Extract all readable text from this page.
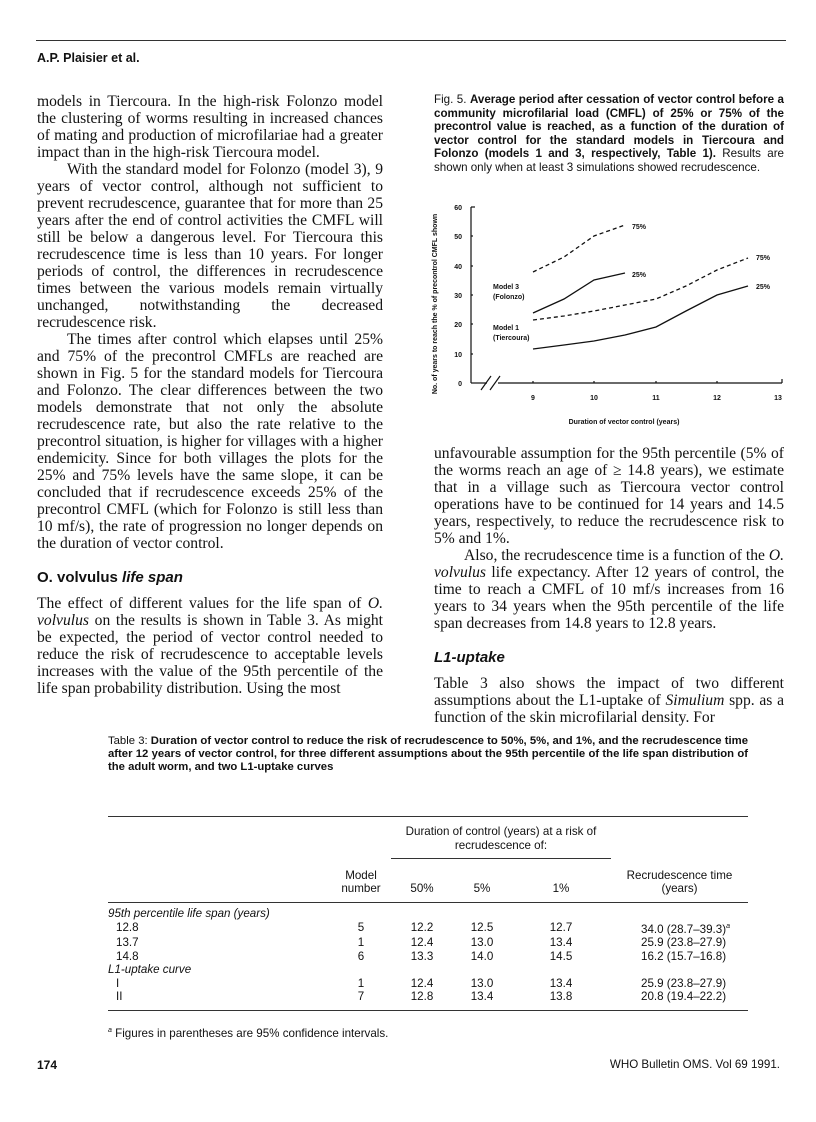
A.P. Plaisier et al.

models in Tiercoura. In the high-risk Folonzo model the clustering of worms resulting in increased chances of mating and production of microfilariae had a greater impact than in the high-risk Tiercoura model.

With the standard model for Folonzo (model 3), 9 years of vector control, although not sufficient to prevent recrudescence, guarantee that for more than 25 years after the end of control activities the CMFL will still be below a dangerous level. For Tiercoura this recrudescence time is less than 10 years. For longer periods of control, the differences in recrudescence times between the various models remain virtually unchanged, notwithstanding the decreased recrudescence risk.

The times after control which elapses until 25% and 75% of the precontrol CMFLs are reached are shown in Fig. 5 for the standard models for Tiercoura and Folonzo. The clear differences between the two models demonstrate that not only the absolute recrudescence rate, but also the rate relative to the precontrol situation, is higher for villages with a higher endemicity. Since for both villages the plots for the 25% and 75% levels have the same slope, it can be concluded that if recrudescence exceeds 25% of the precontrol CMFL (which for Folonzo is still less than 10 mf/s), the rate of progression no longer depends on the duration of vector control.

O. volvulus life span

The effect of different values for the life span of O. volvulus on the results is shown in Table 3. As might be expected, the period of vector control needed to reduce the risk of recrudescence to acceptable levels increases with the value of the 95th percentile of the life span probability distribution. Using the most

Fig. 5. Average period after cessation of vector control before a community microfilarial load (CMFL) of 25% or 75% of the precontrol value is reached, as a function of the duration of vector control for the standard models in Tiercoura and Folonzo (models 1 and 3, respectively, Table 1). Results are shown only when at least 3 simulations showed recrudescence.
No. of years to reach the % of precontrol CMFL shown	0
10
20
30
40
50
60
9	10	11	12	13
Duration of vector control (years)
Model 3
(Folonzo)
Model 1
(Tiercoura)
75%
25%
75%
25%

unfavourable assumption for the 95th percentile (5% of the worms reach an age of ≥ 14.8 years), we estimate that in a village such as Tiercoura vector control operations have to be continued for 14 years and 14.5 years, respectively, to reduce the recrudescence risk to 5% and 1%.

Also, the recrudescence time is a function of the O. volvulus life expectancy. After 12 years of control, the time to reach a CMFL of 10 mf/s increases from 16 years to 34 years when the 95th percentile of the life span decreases from 14.8 years to 12.8 years.

L1-uptake

Table 3 also shows the impact of two different assumptions about the L1-uptake of Simulium spp. as a function of the skin microfilarial density. For

Table 3: Duration of vector control to reduce the risk of recrudescence to 50%, 5%, and 1%, and the recrudescence time after 12 years of vector control, for three different assumptions about the 95th percentile of the life span distribution of the adult worm, and two L1-uptake curves
		Duration of control (years) at a risk of recrudescence of:			
	Model number	50%	5%	1%	Recrudescence time (years)
95th percentile life span (years)					
12.8	5	12.2	12.5	12.7	34.0 (28.7–39.3)$^a$
13.7	1	12.4	13.0	13.4	25.9 (23.8–27.9)
14.8	6	13.3	14.0	14.5	16.2 (15.7–16.8)
L1-uptake curve					
I	1	12.4	13.0	13.4	25.9 (23.8–27.9)
II	7	12.8	13.4	13.8	20.8 (19.4–22.2)
$^a$ Figures in parentheses are 95% confidence intervals.
174	WHO Bulletin OMS. Vol 69 1991.
